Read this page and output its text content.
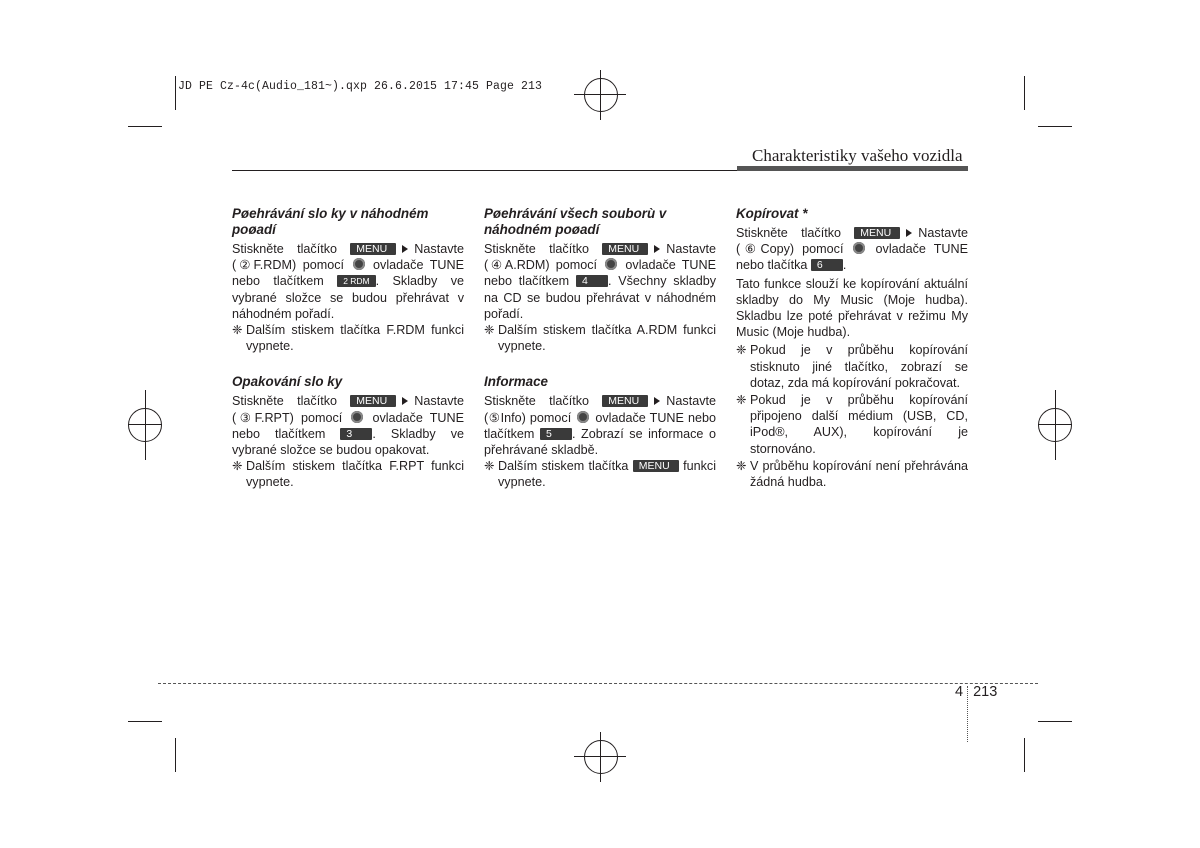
JD PE Cz-4c(Audio_181~).qxp 26.6.2015 17:45 Page 213
Charakteristiky vašeho vozidla
Pøehrávání slo ky v náhodném poøadí

Stiskněte tlačítko MENU Nastavte (②F.RDM) pomocí ovladače TUNE nebo tlačítkem 2 RDM . Skladby ve vybrané složce se budou přehrávat v náhodném pořadí.

❈ Dalším stiskem tlačítka F.RDM funkci vypnete.

Opakování slo ky

Stiskněte tlačítko MENU Nastavte (③F.RPT) pomocí ovladače TUNE nebo tlačítkem 3 . Skladby ve vybrané složce se budou opakovat.

❈ Dalším stiskem tlačítka F.RPT funkci vypnete.

Pøehrávání všech souborù v náhodném poøadí

Stiskněte tlačítko MENU Nastavte (④A.RDM) pomocí ovladače TUNE nebo tlačítkem 4 . Všechny skladby na CD se budou přehrávat v náhodném pořadí.

❈ Dalším stiskem tlačítka A.RDM funkci vypnete.

Informace

Stiskněte tlačítko MENU Nastavte (⑤Info) pomocí ovladače TUNE nebo tlačítkem 5 . Zobrazí se informace o přehrávané skladbě.

❈ Dalším stiskem tlačítka MENU funkci vypnete.

Kopírovat *

Stiskněte tlačítko MENU Nastavte (⑥Copy) pomocí	ovladače TUNE nebo tlačítka 6 .

Tato funkce slouží ke kopírování aktuální skladby do My Music (Moje hudba). Skladbu lze poté přehrávat v režimu My Music (Moje hudba).

❈ Pokud je v průběhu kopírování stisknuto jiné tlačítko, zobrazí se dotaz, zda má kopírování pokračovat.

❈ Pokud je v průběhu kopírování připojeno další médium (USB, CD, iPod®, AUX), kopírování je stornováno.

❈ V průběhu kopírování není přehrávána žádná hudba.

4 213
